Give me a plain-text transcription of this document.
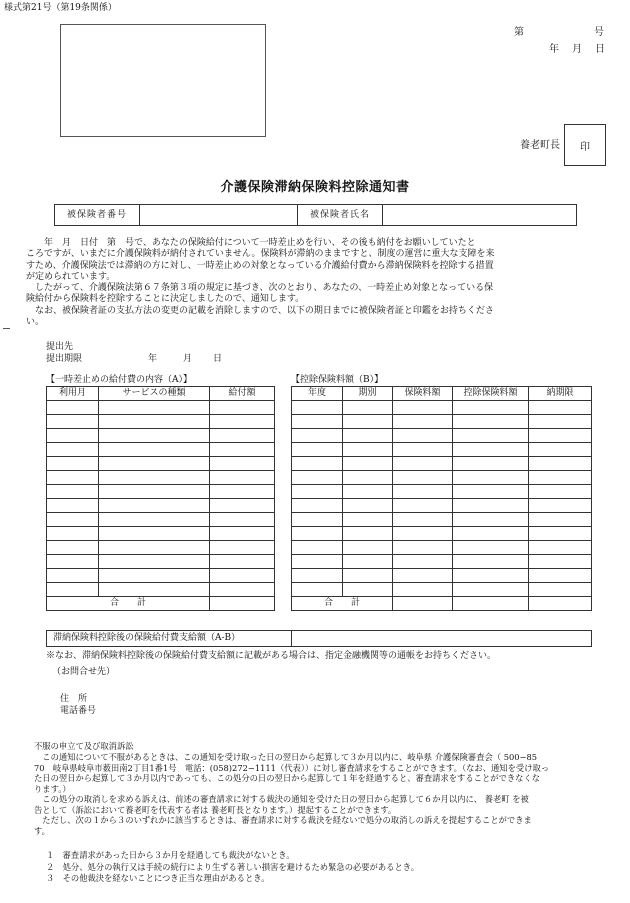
様式第21号（第19条関係）
第	号
年 月 日
養老町長 印
介護保険滞納保険料控除通知書
被保険者番号		被保険者氏名	
　　年　月　日付　第　号で、あなたの保険給付について一時差止めを行い、その後も納付をお願いしていたと
ころですが、いまだに介護保険料が納付されていません。保険料が滞納のままですと、制度の運営に重大な支障を来
すため、介護保険法では滞納の方に対し、一時差止めの対象となっている介護給付費から滞納保険料を控除する措置
が定められています。
　したがって、介護保険法第６７条第３項の規定に基づき、次のとおり、あなたの、一時差止め対象となっている保
険給付から保険料を控除することに決定しましたので、通知します。
　なお、被保険者証の支払方法の変更の記載を消除しますので、以下の期日までに被保険者証と印鑑をお持ちくださ
い。
提出先
提出期限	年	月 日
【一時差止めの給付費の内容（A）】
利用月	サービスの種類	給付額

合　　計		
【控除保険料額（B）】
年度	期別	保険料額	控除保険料額	納期限

合　　計				
滞納保険料控除後の保険給付費支給額（A-B）	
※なお、滞納保険料控除後の保険給付費支給額に記載がある場合は、指定金融機関等の通帳をお持ちください。
（お問合せ先）
住　所
電話番号
不服の申立て及び取消訴訟
　この通知について不服があるときは、この通知を受け取った日の翌日から起算して３か月以内に、岐阜県 介護保険審査会（ 500−85
70　岐阜県岐阜市薮田南2丁目1番1号　電話：(058)272−1111（代表））に対し審査請求をすることができます。（なお、通知を受け取っ
た日の翌日から起算して３か月以内であっても、この処分の日の翌日から起算して１年を経過すると、審査請求をすることができなくな
ります。）
　この処分の取消しを求める訴えは、前述の審査請求に対する裁決の通知を受けた日の翌日から起算して６か月以内に、 養老町 を被
告として（訴訟において養老町を代表する者は 養老町長となります。）提起することができます。
　ただし、次の１から３のいずれかに該当するときは、審査請求に対する裁決を経ないで処分の取消しの訴えを提起することができま
す。
１　審査請求があった日から３か月を経過しても裁決がないとき。
２　処分、処分の執行又は手続の続行により生ずる著しい損害を避けるため緊急の必要があるとき。
３　その他裁決を経ないことにつき正当な理由があるとき。
